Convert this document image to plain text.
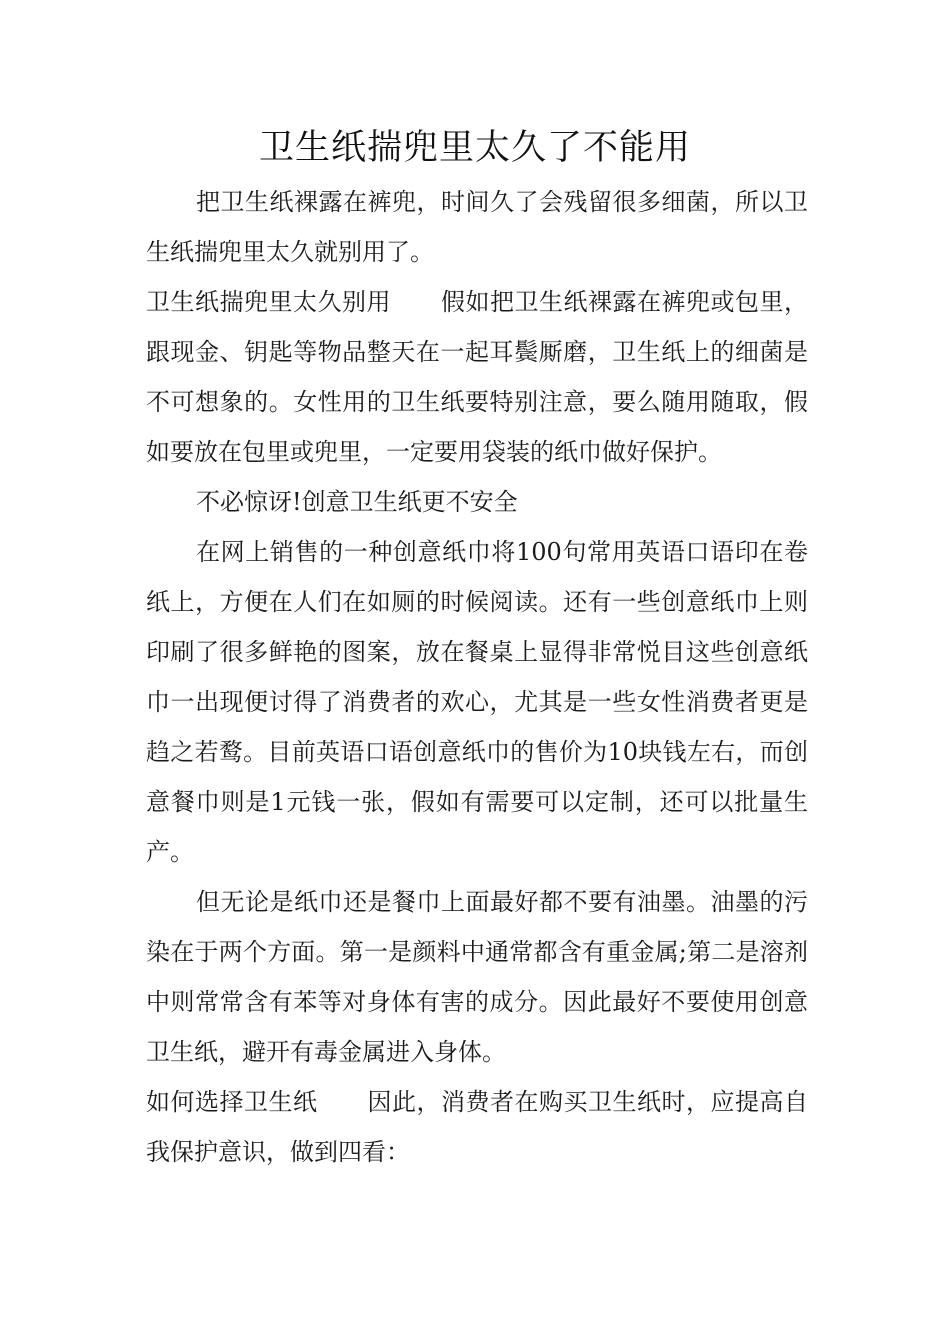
卫生纸揣兜里太久了不能用

把卫生纸裸露在裤兜，时间久了会残留很多细菌，所以卫生纸揣兜里太久就别用了。

卫生纸揣兜里太久别用 假如把卫生纸裸露在裤兜或包里，跟现金、钥匙等物品整天在一起耳鬓厮磨，卫生纸上的细菌是不可想象的。女性用的卫生纸要特别注意，要么随用随取，假如要放在包里或兜里，一定要用袋装的纸巾做好保护。

不必惊讶!创意卫生纸更不安全

在网上销售的一种创意纸巾将100句常用英语口语印在卷纸上，方便在人们在如厕的时候阅读。还有一些创意纸巾上则印刷了很多鲜艳的图案，放在餐桌上显得非常悦目这些创意纸巾一出现便讨得了消费者的欢心，尤其是一些女性消费者更是趋之若鹜。目前英语口语创意纸巾的售价为10块钱左右，而创意餐巾则是1元钱一张，假如有需要可以定制，还可以批量生产。

但无论是纸巾还是餐巾上面最好都不要有油墨。油墨的污染在于两个方面。第一是颜料中通常都含有重金属;第二是溶剂中则常常含有苯等对身体有害的成分。因此最好不要使用创意卫生纸，避开有毒金属进入身体。

如何选择卫生纸 因此，消费者在购买卫生纸时，应提高自我保护意识，做到四看：
